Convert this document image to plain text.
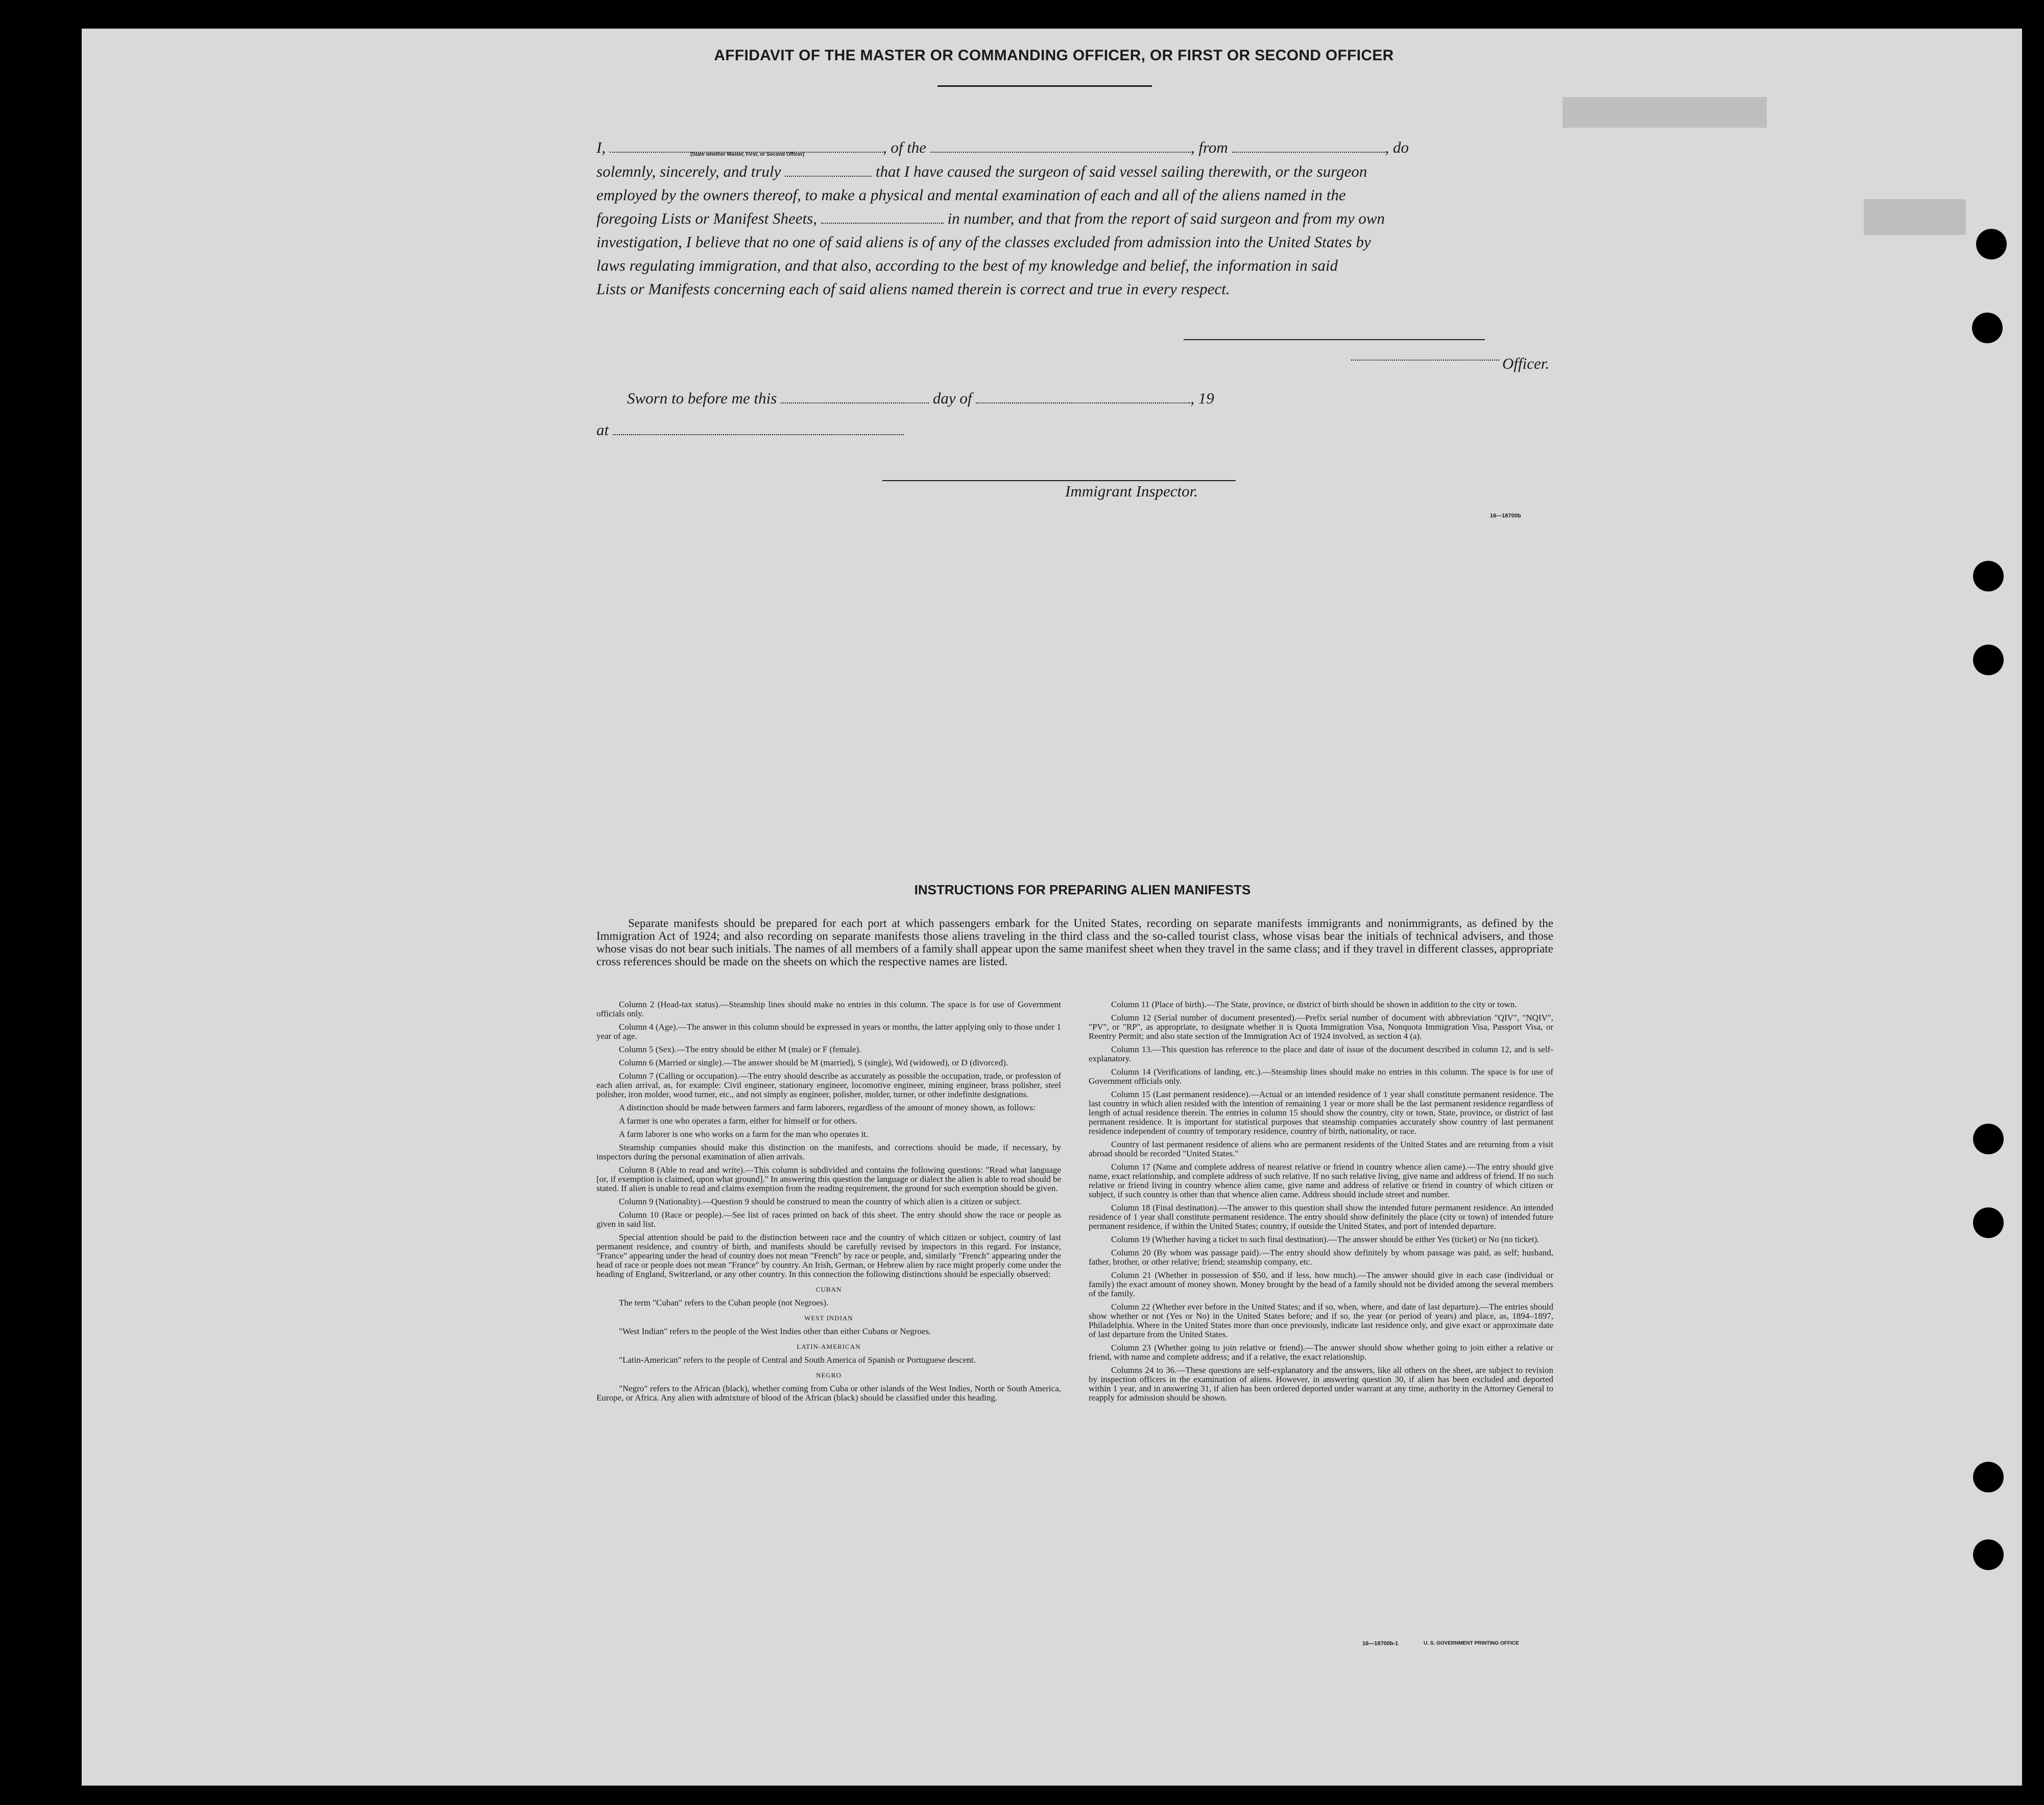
AFFIDAVIT OF THE MASTER OR COMMANDING OFFICER, OR FIRST OR SECOND OFFICER
I,	, of the	, from	, do
(State whether Master, First, or Second Officer)
solemnly, sincerely, and truly	that I have caused the surgeon of said vessel sailing therewith, or the surgeon
employed by the owners thereof, to make a physical and mental examination of each and all of the aliens named in the
foregoing Lists or Manifest Sheets,	in number, and that from the report of said surgeon and from my own
investigation, I believe that no one of said aliens is of any of the classes excluded from admission into the United States by
laws regulating immigration, and that also, according to the best of my knowledge and belief, the information in said
Lists or Manifests concerning each of said aliens named therein is correct and true in every respect.
Officer.
Sworn to before me this	day of	, 19
at
Immigrant Inspector.
16—18700b
INSTRUCTIONS FOR PREPARING ALIEN MANIFESTS
Separate manifests should be prepared for each port at which passengers embark for the United States, recording on separate manifests immigrants and nonimmigrants, as defined by the Immigration Act of 1924; and also recording on separate manifests those aliens traveling in the third class and the so-called tourist class, whose visas bear the initials of technical advisers, and those whose visas do not bear such initials. The names of all members of a family shall appear upon the same manifest sheet when they travel in the same class; and if they travel in different classes, appropriate cross references should be made on the sheets on which the respective names are listed.

Column 2 (Head-tax status).—Steamship lines should make no entries in this column. The space is for use of Government officials only.

Column 4 (Age).—The answer in this column should be expressed in years or months, the latter applying only to those under 1 year of age.

Column 5 (Sex).—The entry should be either M (male) or F (female).

Column 6 (Married or single).—The answer should be M (married), S (single), Wd (widowed), or D (divorced).

Column 7 (Calling or occupation).—The entry should describe as accurately as possible the occupation, trade, or profession of each alien arrival, as, for example: Civil engineer, stationary engineer, locomotive engineer, mining engineer, brass polisher, steel polisher, iron molder, wood turner, etc., and not simply as engineer, polisher, molder, turner, or other indefinite designations.

A distinction should be made between farmers and farm laborers, regardless of the amount of money shown, as follows:

A farmer is one who operates a farm, either for himself or for others.

A farm laborer is one who works on a farm for the man who operates it.

Steamship companies should make this distinction on the manifests, and corrections should be made, if necessary, by inspectors during the personal examination of alien arrivals.

Column 8 (Able to read and write).—This column is subdivided and contains the following questions: "Read what language [or, if exemption is claimed, upon what ground]." In answering this question the language or dialect the alien is able to read should be stated. If alien is unable to read and claims exemption from the reading requirement, the ground for such exemption should be given.

Column 9 (Nationality).—Question 9 should be construed to mean the country of which alien is a citizen or subject.

Column 10 (Race or people).—See list of races printed on back of this sheet. The entry should show the race or people as given in said list.

Special attention should be paid to the distinction between race and the country of which citizen or subject, country of last permanent residence, and country of birth, and manifests should be carefully revised by inspectors in this regard. For instance, "France" appearing under the head of country does not mean "French" by race or people, and, similarly "French" appearing under the head of race or people does not mean "France" by country. An Irish, German, or Hebrew alien by race might properly come under the heading of England, Switzerland, or any other country. In this connection the following distinctions should be especially observed:

CUBAN

The term "Cuban" refers to the Cuban people (not Negroes).

WEST INDIAN

"West Indian" refers to the people of the West Indies other than either Cubans or Negroes.

LATIN-AMERICAN

"Latin-American" refers to the people of Central and South America of Spanish or Portuguese descent.

NEGRO

"Negro" refers to the African (black), whether coming from Cuba or other islands of the West Indies, North or South America, Europe, or Africa. Any alien with admixture of blood of the African (black) should be classified under this heading.

Column 11 (Place of birth).—The State, province, or district of birth should be shown in addition to the city or town.

Column 12 (Serial number of document presented).—Prefix serial number of document with abbreviation "QIV", "NQIV", "PV", or "RP", as appropriate, to designate whether it is Quota Immigration Visa, Nonquota Immigration Visa, Passport Visa, or Reentry Permit; and also state section of the Immigration Act of 1924 involved, as section 4 (a).

Column 13.—This question has reference to the place and date of issue of the document described in column 12, and is self-explanatory.

Column 14 (Verifications of landing, etc.).—Steamship lines should make no entries in this column. The space is for use of Government officials only.

Column 15 (Last permanent residence).—Actual or an intended residence of 1 year shall constitute permanent residence. The last country in which alien resided with the intention of remaining 1 year or more shall be the last permanent residence regardless of length of actual residence therein. The entries in column 15 should show the country, city or town, State, province, or district of last permanent residence. It is important for statistical purposes that steamship companies accurately show country of last permanent residence independent of country of temporary residence, country of birth, nationality, or race.

Country of last permanent residence of aliens who are permanent residents of the United States and are returning from a visit abroad should be recorded "United States."

Column 17 (Name and complete address of nearest relative or friend in country whence alien came).—The entry should give name, exact relationship, and complete address of such relative. If no such relative living, give name and address of friend. If no such relative or friend living in country whence alien came, give name and address of relative or friend in country of which citizen or subject, if such country is other than that whence alien came. Address should include street and number.

Column 18 (Final destination).—The answer to this question shall show the intended future permanent residence. An intended residence of 1 year shall constitute permanent residence. The entry should show definitely the place (city or town) of intended future permanent residence, if within the United States; country, if outside the United States, and port of intended departure.

Column 19 (Whether having a ticket to such final destination).—The answer should be either Yes (ticket) or No (no ticket).

Column 20 (By whom was passage paid).—The entry should show definitely by whom passage was paid, as self; husband, father, brother, or other relative; friend; steamship company, etc.

Column 21 (Whether in possession of $50, and if less, how much).—The answer should give in each case (individual or family) the exact amount of money shown. Money brought by the head of a family should not be divided among the several members of the family.

Column 22 (Whether ever before in the United States; and if so, when, where, and date of last departure).—The entries should show whether or not (Yes or No) in the United States before; and if so, the year (or period of years) and place, as, 1894–1897, Philadelphia. Where in the United States more than once previously, indicate last residence only, and give exact or approximate date of last departure from the United States.

Column 23 (Whether going to join relative or friend).—The answer should show whether going to join either a relative or friend, with name and complete address; and if a relative, the exact relationship.

Columns 24 to 36.—These questions are self-explanatory and the answers, like all others on the sheet, are subject to revision by inspection officers in the examination of aliens. However, in answering question 30, if alien has been excluded and deported within 1 year, and in answering 31, if alien has been ordered deported under warrant at any time, authority in the Attorney General to reapply for admission should be shown.

16—18700b-1	U. S. GOVERNMENT PRINTING OFFICE
